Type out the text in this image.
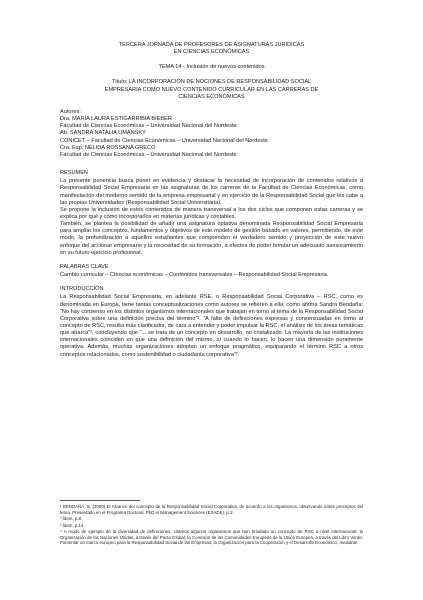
TERCERA JORNADA DE PROFESORES DE ASIGNATURAS JURÍDICAS

EN CIENCIAS ECONÓMICAS

TEMA 14 - Inclusión de nuevos contenidos

Título: LA INCORPORACIÓN DE NOCIONES DE RESPONSABILIDAD SOCIAL

EMPRESARIA COMO NUEVO CONTENIDO CURRICULAR EN LAS CARRERAS DE

CIENCIAS ECONÓMICAS

Autores:

Dra. MARÍA LAURA ESTIGARRIBIA BIEBER

Facultad de Ciencias Económicas – Universidad Nacional del Nordeste

Ab. SANDRA NATALIA UMANSKY

CONICET – Facultad de Ciencias Económicas – Universidad Nacional del Nordeste

Cra. Esp. NÉLIDA ROSSANA GRECO

Facultad de Ciencias Económicas – Universidad Nacional del Nordeste

RESUMEN

La presente ponencia busca poner en evidencia y destacar la necesidad de incorporación de contenidos relativos a Responsabilidad Social Empresaria en las asignaturas de los carreras de la Facultad de Ciencias Económicas, como manifestación del moderno sentido de la empresa empresarial y en ejercicio de la Responsabilidad Social que les cabe a las propias Universidades (Responsabilidad Social Universitaria).

Se propone la inclusión de estos contenidos de manera transversal a los dos ciclos que componen estas carreras y se explica por qué y cómo incorporarlos en materias jurídicas y contables.

También, se plantea la posibilidad de añadir una asignatura optativa denominada Responsabilidad Social Empresaria para ampliar los conceptos, fundamentos y objetivos de este modelo de gestión basado en valores, permitiendo, de este modo, la profundización a aquellos estudiantes que comprenden el verdadero sentido y proyección de este nuevo enfoque del accionar empresario y la necesidad de su formación, a efectos de poder brindar un adecuado asesoramiento en su futuro ejercicio profesional.

PALABRAS CLAVE

Cambio curricular – Ciencias económicas – Contenidos transversales – Responsabilidad Social Empresaria.

INTRODUCCIÓN

La Responsabilidad Social Empresaria, en adelante RSE, o Responsabilidad Social Corporativa – RSC, como es denominada en Europa, tiene tantas conceptualizaciones como autores se refieren a ella; como afirma Sandra Bendaña: “No hay consenso en los distintos organismos internacionales que trabajan en torno al tema de la Responsabilidad Social Corporativa sobre una definición precisa del término”¹. “A falta de definiciones expresas y consensuadas en torno al concepto de RSC, resulta más clarificador, de cara a entender y poder impulsar la RSC, el análisis de los áreas temáticas que abarca”², concluyendo que “... se trata de un concepto en desarrollo, no cristalizado. La mayoría de las instituciones internacionales coinciden en que una definición del mismo, si cuando lo hacen, lo hacen una dimensión puramente operativa. Además, muchas organizaciones adoptan un enfoque pragmático, equiparando el término RSC a otros conceptos relacionados, como sostenibilidad o ciudadanía corporativa”³.

¹ BENDAÑA, S. (2009) El Alcance del concepto de la Responsabilidad Social Corporativa, de acuerdo a los organismos, observando sobre preceptos del tema. Presentado en el Programa Doctoral. PhD in Management Sciences (ESADE), p.2.

² Ídem, p.8.

³ Ídem, p.14.

⁴ A modo de ejemplo de la diversidad de definiciones, citamos algunos organismos que han brindado un concepto de RSC a nivel internacional: la Organización de las Naciones Unidas, a través del Pacto Global; la Comisión de las Comunidades Europeas de la Unión Europea, a través del Libro Verde; Fomentar un marco europeo para la Responsabilidad Social de las Empresas; la Organización para la Cooperación y el Desarrollo Económico, mediante
